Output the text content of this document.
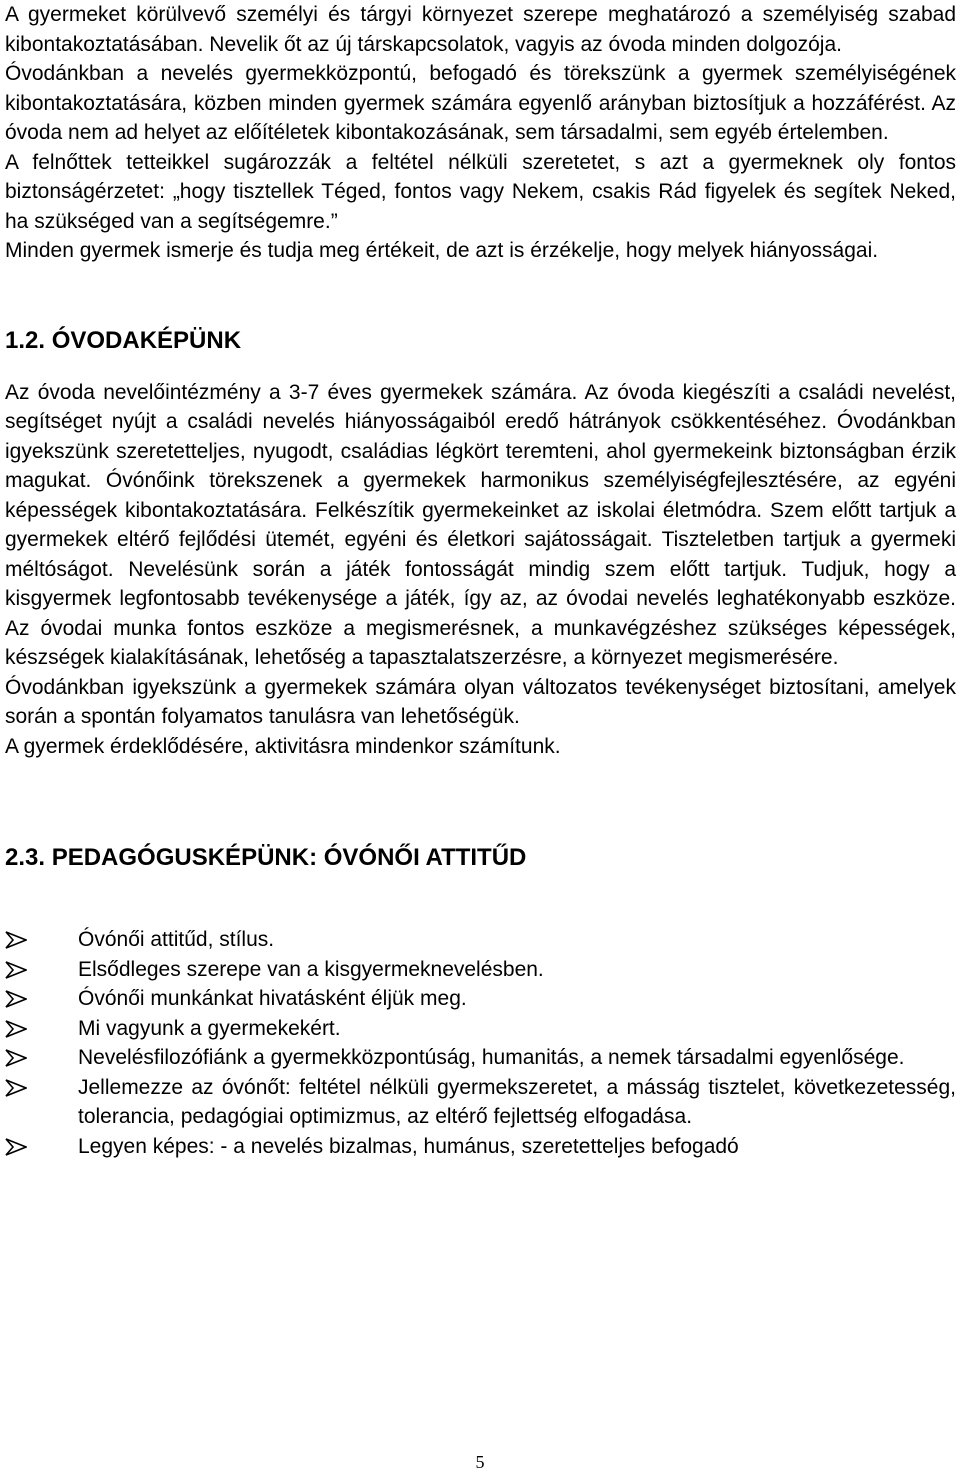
A gyermeket körülvevő személyi és tárgyi környezet szerepe meghatározó a személyiség szabad kibontakoztatásában. Nevelik őt az új társkapcsolatok, vagyis az óvoda minden dolgozója.

Óvodánkban a nevelés gyermekközpontú, befogadó és törekszünk a gyermek személyiségének kibontakoztatására, közben minden gyermek számára egyenlő arányban biztosítjuk a hozzáférést. Az óvoda nem ad helyet az előítéletek kibontakozásának, sem társadalmi, sem egyéb értelemben.

A felnőttek tetteikkel sugározzák a feltétel nélküli szeretetet, s azt a gyermeknek oly fontos biztonságérzetet: „hogy tisztellek Téged, fontos vagy Nekem, csakis Rád figyelek és segítek Neked, ha szükséged van a segítségemre.”

Minden gyermek ismerje és tudja meg értékeit, de azt is érzékelje, hogy melyek hiányosságai.

1.2. ÓVODAKÉPÜNK

Az óvoda nevelőintézmény a 3-7 éves gyermekek számára. Az óvoda kiegészíti a családi nevelést, segítséget nyújt a családi nevelés hiányosságaiból eredő hátrányok csökkentéséhez. Óvodánkban igyekszünk szeretetteljes, nyugodt, családias légkört teremteni, ahol gyermekeink biztonságban érzik magukat. Óvónőink törekszenek a gyermekek harmonikus személyiségfejlesztésére, az egyéni képességek kibontakoztatására. Felkészítik gyermekeinket az iskolai életmódra. Szem előtt tartjuk a gyermekek eltérő fejlődési ütemét, egyéni és életkori sajátosságait. Tiszteletben tartjuk a gyermeki méltóságot. Nevelésünk során a játék fontosságát mindig szem előtt tartjuk. Tudjuk, hogy a kisgyermek legfontosabb tevékenysége a játék, így az, az óvodai nevelés leghatékonyabb eszköze. Az óvodai munka fontos eszköze a megismerésnek, a munkavégzéshez szükséges képességek, készségek kialakításának, lehetőség a tapasztalatszerzésre, a környezet megismerésére.

Óvodánkban igyekszünk a gyermekek számára olyan változatos tevékenységet biztosítani, amelyek során a spontán folyamatos tanulásra van lehetőségük.

A gyermek érdeklődésére, aktivitásra mindenkor számítunk.

2.3. PEDAGÓGUSKÉPÜNK: ÓVÓNŐI ATTITŰD
Óvónői attitűd, stílus.
Elsődleges szerepe van a kisgyermeknevelésben.
Óvónői munkánkat hivatásként éljük meg.
Mi vagyunk a gyermekekért.
Nevelésfilozófiánk a gyermekközpontúság, humanitás, a nemek társadalmi egyenlősége.
Jellemezze az óvónőt: feltétel nélküli gyermekszeretet, a másság tisztelet, következetesség, tolerancia, pedagógiai optimizmus, az eltérő fejlettség elfogadása.
Legyen képes: - a nevelés bizalmas, humánus, szeretetteljes befogadó
5
